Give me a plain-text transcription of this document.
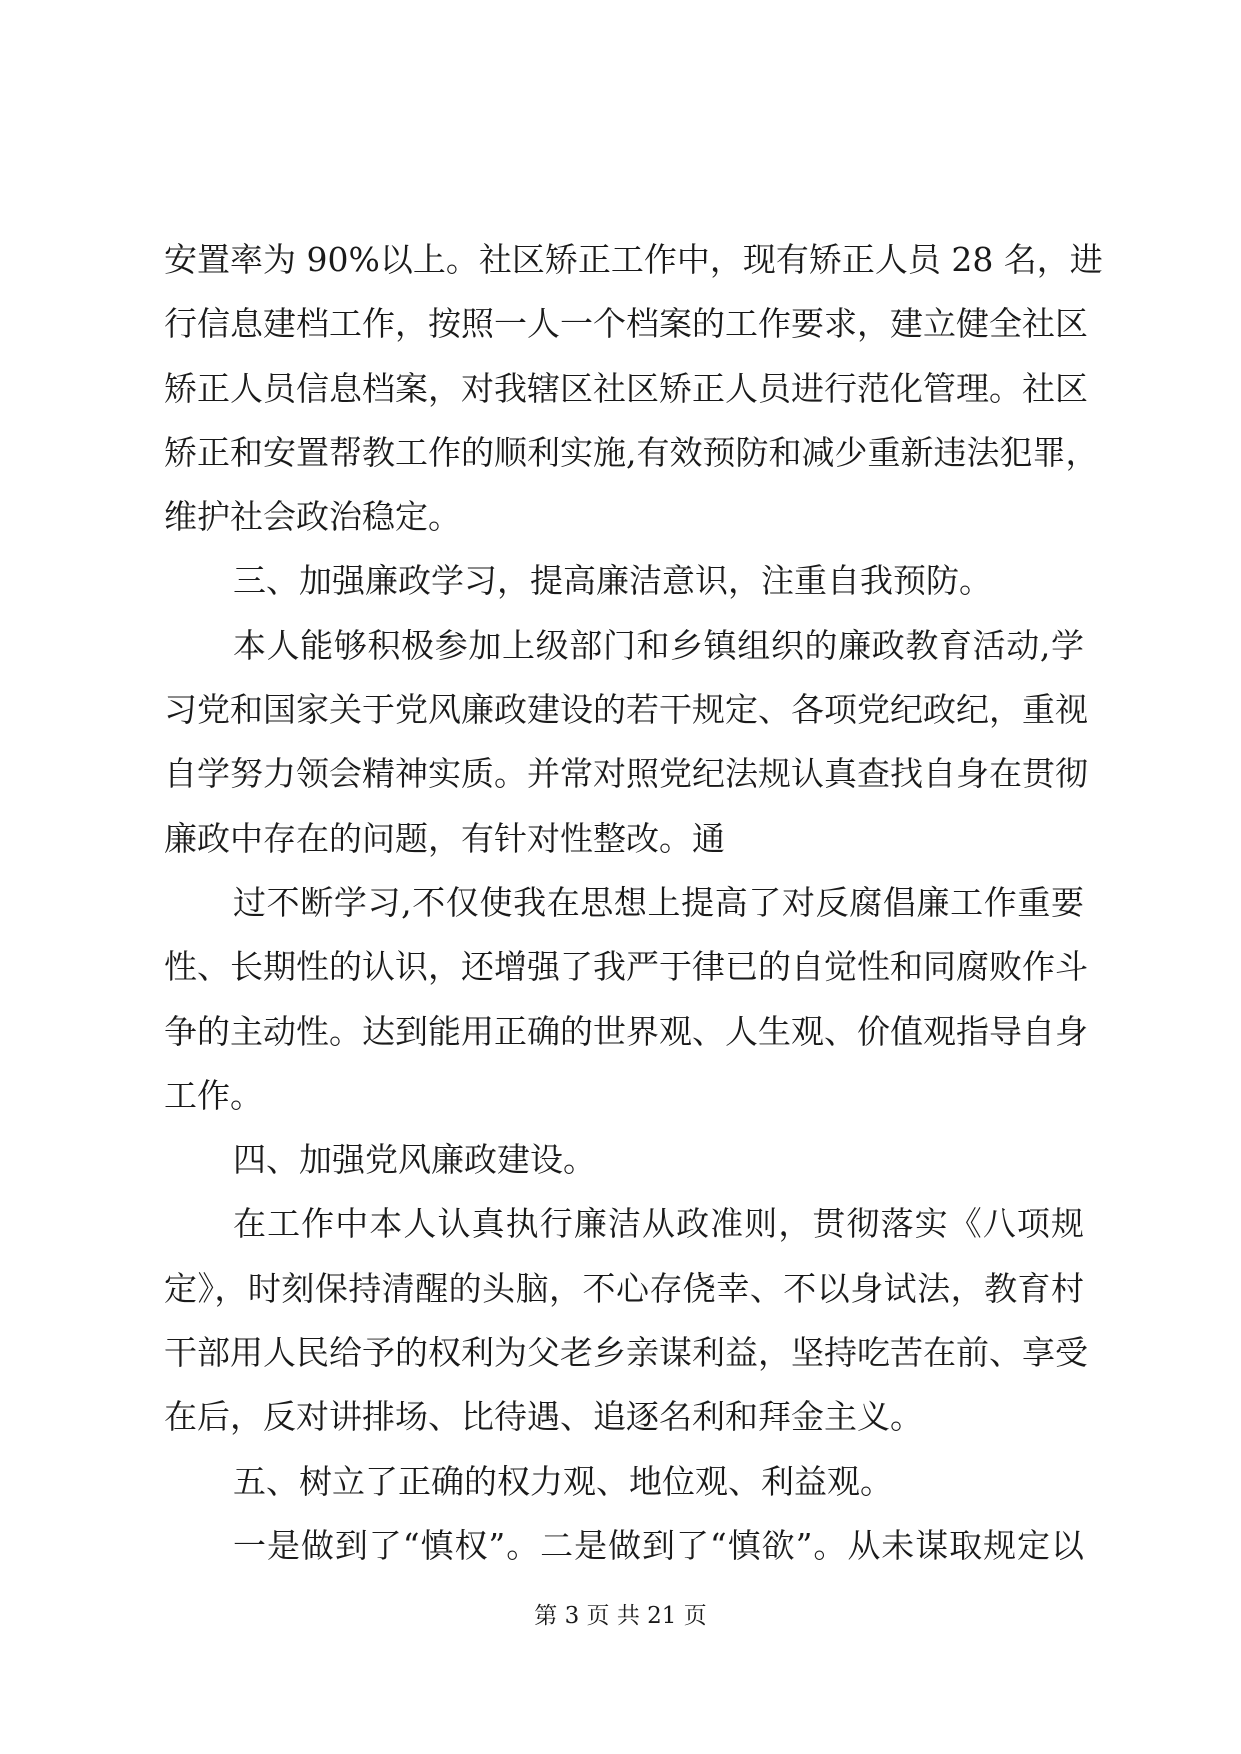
安置率为 90%以上。社区矫正工作中，现有矫正人员 28 名，进
行信息建档工作，按照一人一个档案的工作要求，建立健全社区
矫正人员信息档案，对我辖区社区矫正人员进行范化管理。社区
矫正和安置帮教工作的顺利实施,有效预防和减少重新违法犯罪，
维护社会政治稳定。
三、加强廉政学习，提高廉洁意识，注重自我预防。
本人能够积极参加上级部门和乡镇组织的廉政教育活动,学
习党和国家关于党风廉政建设的若干规定、各项党纪政纪，重视
自学努力领会精神实质。并常对照党纪法规认真查找自身在贯彻
廉政中存在的问题，有针对性整改。通
过不断学习,不仅使我在思想上提高了对反腐倡廉工作重要
性、长期性的认识，还增强了我严于律已的自觉性和同腐败作斗
争的主动性。达到能用正确的世界观、人生观、价值观指导自身
工作。
四、加强党风廉政建设。
在工作中本人认真执行廉洁从政准则，贯彻落实《八项规
定》，时刻保持清醒的头脑，不心存侥幸、不以身试法，教育村
干部用人民给予的权利为父老乡亲谋利益，坚持吃苦在前、享受
在后，反对讲排场、比待遇、追逐名利和拜金主义。
五、树立了正确的权力观、地位观、利益观。
一是做到了“慎权”。二是做到了“慎欲”。从未谋取规定以
第 3 页 共 21 页
